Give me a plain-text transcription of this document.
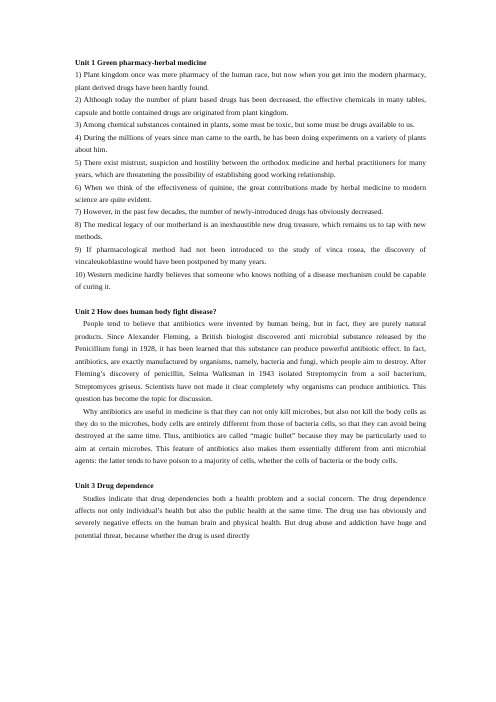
Unit 1 Green pharmacy-herbal medicine

1) Plant kingdom once was mere pharmacy of the human race, but now when you get into the modern pharmacy, plant derived drugs have been hardly found.

2) Although today the number of plant based drugs has been decreased, the effective chemicals in many tables, capsule and bottle contained drugs are originated from plant kingdom.

3) Among chemical substances contained in plants, some must be toxic, but some must be drugs available to us.

4) During the millions of years since man came to the earth, he has been doing experiments on a variety of plants about him.

5) There exist mistrust, suspicion and hostility between the orthodox medicine and herbal practitioners for many years, which are threatening the possibility of establishing good working relationship.

6) When we think of the effectiveness of quinine, the great contributions made by herbal medicine to modern science are quite evident.

7) However, in the past few decades, the number of newly-introduced drugs has obviously decreased.

8) The medical legacy of our motherland is an inexhaustible new drug treasure, which remains us to tap with new methods.

9) If pharmacological method had not been introduced to the study of vinca rosea, the discovery of vincaleukoblastine would have been postponed by many years.

10) Western medicine hardly believes that someone who knows nothing of a disease mechanism could be capable of curing it.

Unit 2 How does human body fight disease?

People tend to believe that antibiotics were invented by human being, but in fact, they are purely natural products. Since Alexander Fleming, a British biologist discovered anti microbial substance released by the Penicillium fungi in 1928, it has been learned that this substance can produce powerful antibiotic effect. In fact, antibiotics, are exactly manufactured by organisms, namely, bacteria and fungi, which people aim to destroy. After Fleming’s discovery of penicillin, Selma Walksman in 1943 isolated Streptomycin from a soil bacterium, Streptomyces griseus. Scientists have not made it clear completely why organisms can produce antibiotics. This question has become the topic for discussion.

Why antibiotics are useful in medicine is that they can not only kill microbes, but also not kill the body cells as they do to the microbes, body cells are entirely different from those of bacteria cells, so that they can avoid being destroyed at the same time. Thus, antibiotics are called “magic bullet” because they may be particularly used to aim at certain microbes. This feature of antibiotics also makes them essentially different from anti microbial agents: the latter tends to have poison to a majority of cells, whether the cells of bacteria or the body cells.

Unit 3 Drug dependence

Studies indicate that drug dependencies both a health problem and a social concern. The drug dependence affects not only individual’s health but also the public health at the same time. The drug use has obviously and severely negative effects on the human brain and physical health. But drug abuse and addiction have huge and potential threat, because whether the drug is used directly
